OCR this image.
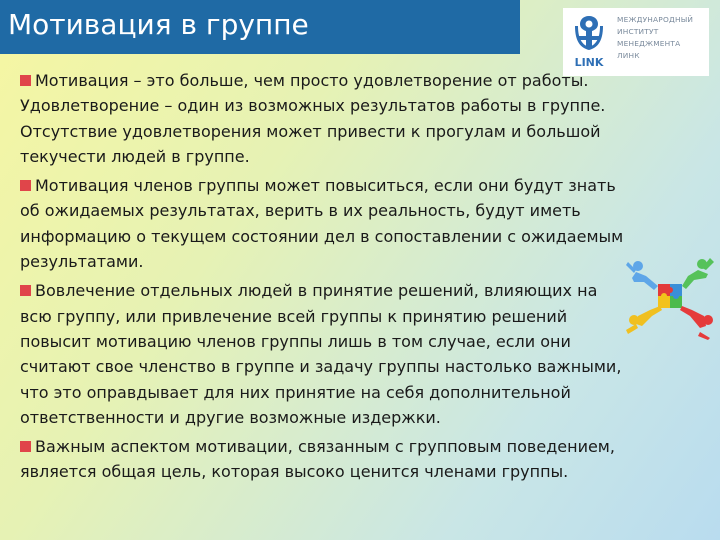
Мотивация в группе
LINK
МЕЖДУНАРОДНЫЙ
ИНСТИТУТ
МЕНЕДЖМЕНТА
ЛИНК

Мотивация – это больше, чем просто удовлетворение от работы. Удовлетворение – один из возможных результатов работы в группе. Отсутствие удовлетворения может привести к прогулам и большой текучести людей в группе.

Мотивация членов группы может повыситься, если они будут знать об ожидаемых результатах, верить в их реальность, будут иметь информацию о текущем состоянии дел в сопоставлении с ожидаемым результатами.

Вовлечение отдельных людей в принятие решений, влияющих на всю группу, или привлечение всей группы к принятию решений повысит мотивацию членов группы лишь в том случае, если они считают свое членство в группе и задачу группы настолько важными, что это оправдывает для них принятие на себя дополнительной ответственности и другие возможные издержки.

Важным аспектом мотивации, связанным с групповым поведением, является общая цель, которая высоко ценится членами группы.
